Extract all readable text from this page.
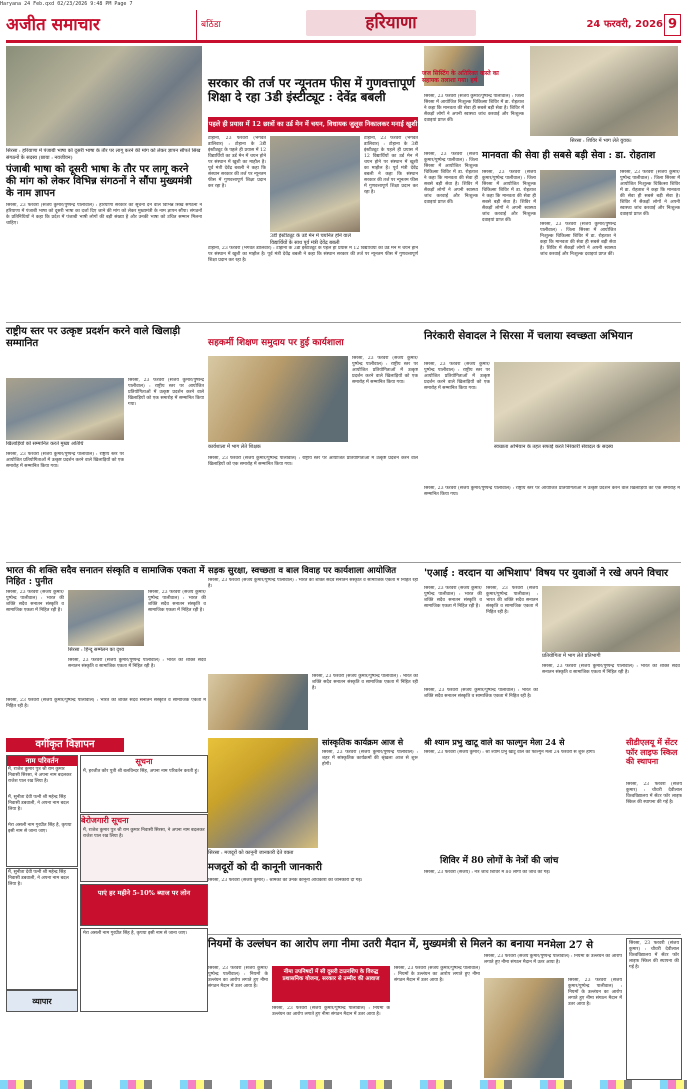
Haryana 24 Feb.qxd 02/23/2026 9:48 PM Page 7
अजीत समाचार	बठिंडा	हरियाणा	24 फरवरी, 2026 9
सिरसा : हरियाणा में पंजाबी भाषा को दूसरी भाषा के तौर पर लागू करने की मांग को लेकर ज्ञापन सौंपते सिख संगठनों के सदस्य (छाया : नवजीवन)
पंजाबी भाषा को दूसरी भाषा के तौर पर लागू करने की मांग को लेकर विभिन्न संगठनों ने सौंपा मुख्यमंत्री के नाम ज्ञापन
सिरसा, 23 फरवरी (संजय कुमार/पुष्पेन्द्र पालीवाल) : हरियाणा सरकार को सूचना देने वाले विभिन्न सिख संगठनों ने हरियाणा में पंजाबी भाषा को दूसरी भाषा का दर्जा दिए जाने की मांग को लेकर मुख्यमंत्री के नाम ज्ञापन सौंपा। संगठनों के प्रतिनिधियों ने कहा कि प्रदेश में पंजाबी भाषी लोगों की बड़ी संख्या है और उनकी भाषा को उचित सम्मान मिलना चाहिए।
सरकार की तर्ज पर न्यूनतम फीस में गुणवत्तापूर्ण शिक्षा दे रहा 3डी इंस्टीट्यूट : देवेंद्र बबली
पहले ही प्रयास में 12 छात्रों का उर्ड मेन में चयन, विधायक जुलूस निकालकर मनाई खुशी
टोहाना, 23 फरवरी (भगवंत डालिवार) : टोहाना के 3डी इंस्टीट्यूट के पहले ही प्रयास में 12 विद्यार्थियों का उर्ड मेन में चयन होने पर संस्थान में खुशी का माहौल है। पूर्व मंत्री देवेंद्र बबली ने कहा कि संस्थान सरकार की तर्ज पर न्यूनतम फीस में गुणवत्तापूर्ण शिक्षा प्रदान कर रहा है।
टोहाना, 23 फरवरी (भगवंत डालिवार) : टोहाना के 3डी इंस्टीट्यूट के पहले ही प्रयास में 12 विद्यार्थियों का उर्ड मेन में चयन होने पर संस्थान में खुशी का माहौल है। पूर्व मंत्री देवेंद्र बबली ने कहा कि संस्थान सरकार की तर्ज पर न्यूनतम फीस में गुणवत्तापूर्ण शिक्षा प्रदान कर रहा है।
3डी इंस्टीट्यूट के उर्ड मेन में चयनित होने वाले विद्यार्थियों के साथ पूर्व मंत्री देवेंद्र बबली
टोहाना, 23 फरवरी (भगवंत डालिवार) : टोहाना के 3डी इंस्टीट्यूट के पहले ही प्रयास में 12 विद्यार्थियों का उर्ड मेन में चयन होने पर संस्थान में खुशी का माहौल है। पूर्व मंत्री देवेंद्र बबली ने कहा कि संस्थान सरकार की तर्ज पर न्यूनतम फीस में गुणवत्तापूर्ण शिक्षा प्रदान कर रहा है।
जज सिस्टिंग के अतिरिक्त वास्ते का सहायक तलाशा गया। हर्ष
सिरसा : शिविर में भाग लेते युवक।
सिरसा, 23 फरवरी (संजय कुमार/पुष्पेन्द्र पालीवाल) : जिला सिरसा में आयोजित निःशुल्क चिकित्सा शिविर में डा. रोहताश ने कहा कि मानवता की सेवा ही सबसे बड़ी सेवा है। शिविर में सैकड़ों लोगों ने अपनी स्वास्थ्य जांच करवाई और निःशुल्क दवाइयां प्राप्त कीं।
मानवता की सेवा ही सबसे बड़ी सेवा : डा. रोहताश
सिरसा, 23 फरवरी (संजय कुमार/पुष्पेन्द्र पालीवाल) : जिला सिरसा में आयोजित निःशुल्क चिकित्सा शिविर में डा. रोहताश ने कहा कि मानवता की सेवा ही सबसे बड़ी सेवा है। शिविर में सैकड़ों लोगों ने अपनी स्वास्थ्य जांच करवाई और निःशुल्क दवाइयां प्राप्त कीं।
सिरसा, 23 फरवरी (संजय कुमार/पुष्पेन्द्र पालीवाल) : जिला सिरसा में आयोजित निःशुल्क चिकित्सा शिविर में डा. रोहताश ने कहा कि मानवता की सेवा ही सबसे बड़ी सेवा है। शिविर में सैकड़ों लोगों ने अपनी स्वास्थ्य जांच करवाई और निःशुल्क दवाइयां प्राप्त कीं।
सिरसा, 23 फरवरी (संजय कुमार/पुष्पेन्द्र पालीवाल) : जिला सिरसा में आयोजित निःशुल्क चिकित्सा शिविर में डा. रोहताश ने कहा कि मानवता की सेवा ही सबसे बड़ी सेवा है। शिविर में सैकड़ों लोगों ने अपनी स्वास्थ्य जांच करवाई और निःशुल्क दवाइयां प्राप्त कीं।
सिरसा, 23 फरवरी (संजय कुमार/पुष्पेन्द्र पालीवाल) : जिला सिरसा में आयोजित निःशुल्क चिकित्सा शिविर में डा. रोहताश ने कहा कि मानवता की सेवा ही सबसे बड़ी सेवा है। शिविर में सैकड़ों लोगों ने अपनी स्वास्थ्य जांच करवाई और निःशुल्क दवाइयां प्राप्त कीं।
राष्ट्रीय स्तर पर उत्कृष्ट प्रदर्शन करने वाले खिलाड़ी सम्मानित
खिलाड़ियों को सम्मानित करते मुख्य अतिथि
सिरसा, 23 फरवरी (संजय कुमार/पुष्पेन्द्र पालीवाल) : राष्ट्रीय स्तर पर आयोजित प्रतियोगिताओं में उत्कृष्ट प्रदर्शन करने वाले खिलाड़ियों को एक समारोह में सम्मानित किया गया।
सिरसा, 23 फरवरी (संजय कुमार/पुष्पेन्द्र पालीवाल) : राष्ट्रीय स्तर पर आयोजित प्रतियोगिताओं में उत्कृष्ट प्रदर्शन करने वाले खिलाड़ियों को एक समारोह में सम्मानित किया गया।
सहकर्मी शिक्षण समुदाय पर हुई कार्यशाला
कार्यशाला में भाग लेते शिक्षक
सिरसा, 23 फरवरी (संजय कुमार/पुष्पेन्द्र पालीवाल) : राष्ट्रीय स्तर पर आयोजित प्रतियोगिताओं में उत्कृष्ट प्रदर्शन करने वाले खिलाड़ियों को एक समारोह में सम्मानित किया गया।
सिरसा, 23 फरवरी (संजय कुमार/पुष्पेन्द्र पालीवाल) : राष्ट्रीय स्तर पर आयोजित प्रतियोगिताओं में उत्कृष्ट प्रदर्शन करने वाले खिलाड़ियों को एक समारोह में सम्मानित किया गया।
निरंकारी सेवादल ने सिरसा में चलाया स्वच्छता अभियान
सिरसा, 23 फरवरी (संजय कुमार/पुष्पेन्द्र पालीवाल) : राष्ट्रीय स्तर पर आयोजित प्रतियोगिताओं में उत्कृष्ट प्रदर्शन करने वाले खिलाड़ियों को एक समारोह में सम्मानित किया गया।
स्वच्छता अभियान के तहत सफाई करते निरंकारी सेवादल के सदस्य
सिरसा, 23 फरवरी (संजय कुमार/पुष्पेन्द्र पालीवाल) : राष्ट्रीय स्तर पर आयोजित प्रतियोगिताओं में उत्कृष्ट प्रदर्शन करने वाले खिलाड़ियों को एक समारोह में सम्मानित किया गया।
भारत की शक्ति सदैव सनातन संस्कृति व सामाजिक एकता में निहित : पुनीत
सिरसा, 23 फरवरी (संजय कुमार/पुष्पेन्द्र पालीवाल) : भारत की शक्ति सदैव सनातन संस्कृति व सामाजिक एकता में निहित रही है।
सिरसा : हिन्दू सम्मेलन का दृश्य
सिरसा, 23 फरवरी (संजय कुमार/पुष्पेन्द्र पालीवाल) : भारत की शक्ति सदैव सनातन संस्कृति व सामाजिक एकता में निहित रही है।
सिरसा, 23 फरवरी (संजय कुमार/पुष्पेन्द्र पालीवाल) : भारत की शक्ति सदैव सनातन संस्कृति व सामाजिक एकता में निहित रही है।
सिरसा, 23 फरवरी (संजय कुमार/पुष्पेन्द्र पालीवाल) : भारत की शक्ति सदैव सनातन संस्कृति व सामाजिक एकता में निहित रही है।
सड़क सुरक्षा, स्वच्छता व बाल विवाह पर कार्यशाला आयोजित
सिरसा, 23 फरवरी (संजय कुमार/पुष्पेन्द्र पालीवाल) : भारत की शक्ति सदैव सनातन संस्कृति व सामाजिक एकता में निहित रही है।
सिरसा, 23 फरवरी (संजय कुमार/पुष्पेन्द्र पालीवाल) : भारत की शक्ति सदैव सनातन संस्कृति व सामाजिक एकता में निहित रही है।
'एआई : वरदान या अभिशाप' विषय पर युवाओं ने रखे अपने विचार
सिरसा, 23 फरवरी (संजय कुमार/पुष्पेन्द्र पालीवाल) : भारत की शक्ति सदैव सनातन संस्कृति व सामाजिक एकता में निहित रही है।
सिरसा, 23 फरवरी (संजय कुमार/पुष्पेन्द्र पालीवाल) : भारत की शक्ति सदैव सनातन संस्कृति व सामाजिक एकता में निहित रही है।
प्रतियोगिता में भाग लेते प्रतिभागी
सिरसा, 23 फरवरी (संजय कुमार/पुष्पेन्द्र पालीवाल) : भारत की शक्ति सदैव सनातन संस्कृति व सामाजिक एकता में निहित रही है।
सिरसा, 23 फरवरी (संजय कुमार/पुष्पेन्द्र पालीवाल) : भारत की शक्ति सदैव सनातन संस्कृति व सामाजिक एकता में निहित रही है।
वर्गीकृत विज्ञापन
नाम परिवर्तन
मैं, राजेश कुमार पुत्र श्री राम कुमार निवासी सिरसा, ने अपना नाम बदलकर राजेश पाल रख लिया है।
मैं, सुनीता देवी पत्नी श्री महेन्द्र सिंह निवासी डबवाली, ने अपना नाम बदल लिया है।
मेरा असली नाम गुरप्रीत सिंह है, कृपया इसी नाम से जाना जाए।
सूचना
मैं, हरजीत कौर पुत्री श्री बलविन्दर सिंह, अपना नाम परिवर्तन करती हूं।
बेरोजगारी सूचना
मैं, राजेश कुमार पुत्र श्री राम कुमार निवासी सिरसा, ने अपना नाम बदलकर राजेश पाल रख लिया है।
मैं, सुनीता देवी पत्नी श्री महेन्द्र सिंह निवासी डबवाली, ने अपना नाम बदल लिया है।
पाएं हर महीने 5-10% ब्याज पर लोन
व्यापार
मेरा असली नाम गुरप्रीत सिंह है, कृपया इसी नाम से जाना जाए।
सांस्कृतिक कार्यक्रम आज से
सिरसा, 23 फरवरी (संजय कुमार/पुष्पेन्द्र पालीवाल) : शहर में सांस्कृतिक कार्यक्रमों की श्रृंखला आज से शुरू होगी।
सिरसा : मजदूरों को कानूनी जानकारी देते वक्ता
मजदूरों को दी कानूनी जानकारी
सिरसा, 23 फरवरी (संजय कुमार) : श्रमिकों को उनके कानूनी अधिकारों की जानकारी दी गई।
श्री श्याम प्रभु खाटू वाले का फाल्गुन मेला 24 से
सिरसा, 23 फरवरी (संजय कुमार) : श्री श्याम प्रभु खाटू वाले का फाल्गुन मेला 24 फरवरी से शुरू होगा।
शिविर में 80 लोगों के नेत्रों की जांच
सिरसा, 23 फरवरी (संजय) : नेत्र जांच शिविर में 80 लोगों की जांच की गई।
सीडीएलयू में सेंटर फॉर लाइफ स्किल की स्थापना
सिरसा, 23 फरवरी (संजय कुमार) : चौधरी देवीलाल विश्वविद्यालय में सेंटर फॉर लाइफ स्किल की स्थापना की गई है।
नियमों के उल्लंघन का आरोप लगा नीमा उतरी मैदान में, मुख्यमंत्री से मिलने का बनाया मन
सिरसा, 23 फरवरी (संजय कुमार/पुष्पेन्द्र पालीवाल) : नियमों के उल्लंघन का आरोप लगाते हुए नीमा संगठन मैदान में उतर आया है।
नीमा उपनिषदों में सी दूसरी टाउनशिप के विरुद्ध प्रशासनिक योजना, सरकार से उम्मीद की आवाज
सिरसा, 23 फरवरी (संजय कुमार/पुष्पेन्द्र पालीवाल) : नियमों के उल्लंघन का आरोप लगाते हुए नीमा संगठन मैदान में उतर आया है।
सिरसा, 23 फरवरी (संजय कुमार/पुष्पेन्द्र पालीवाल) : नियमों के उल्लंघन का आरोप लगाते हुए नीमा संगठन मैदान में उतर आया है।
मेला 27 से
सिरसा, 23 फरवरी (संजय कुमार/पुष्पेन्द्र पालीवाल) : नियमों के उल्लंघन का आरोप लगाते हुए नीमा संगठन मैदान में उतर आया है।
सिरसा, 23 फरवरी (संजय कुमार/पुष्पेन्द्र पालीवाल) : नियमों के उल्लंघन का आरोप लगाते हुए नीमा संगठन मैदान में उतर आया है।
सिरसा, 23 फरवरी (संजय कुमार) : चौधरी देवीलाल विश्वविद्यालय में सेंटर फॉर लाइफ स्किल की स्थापना की गई है।
